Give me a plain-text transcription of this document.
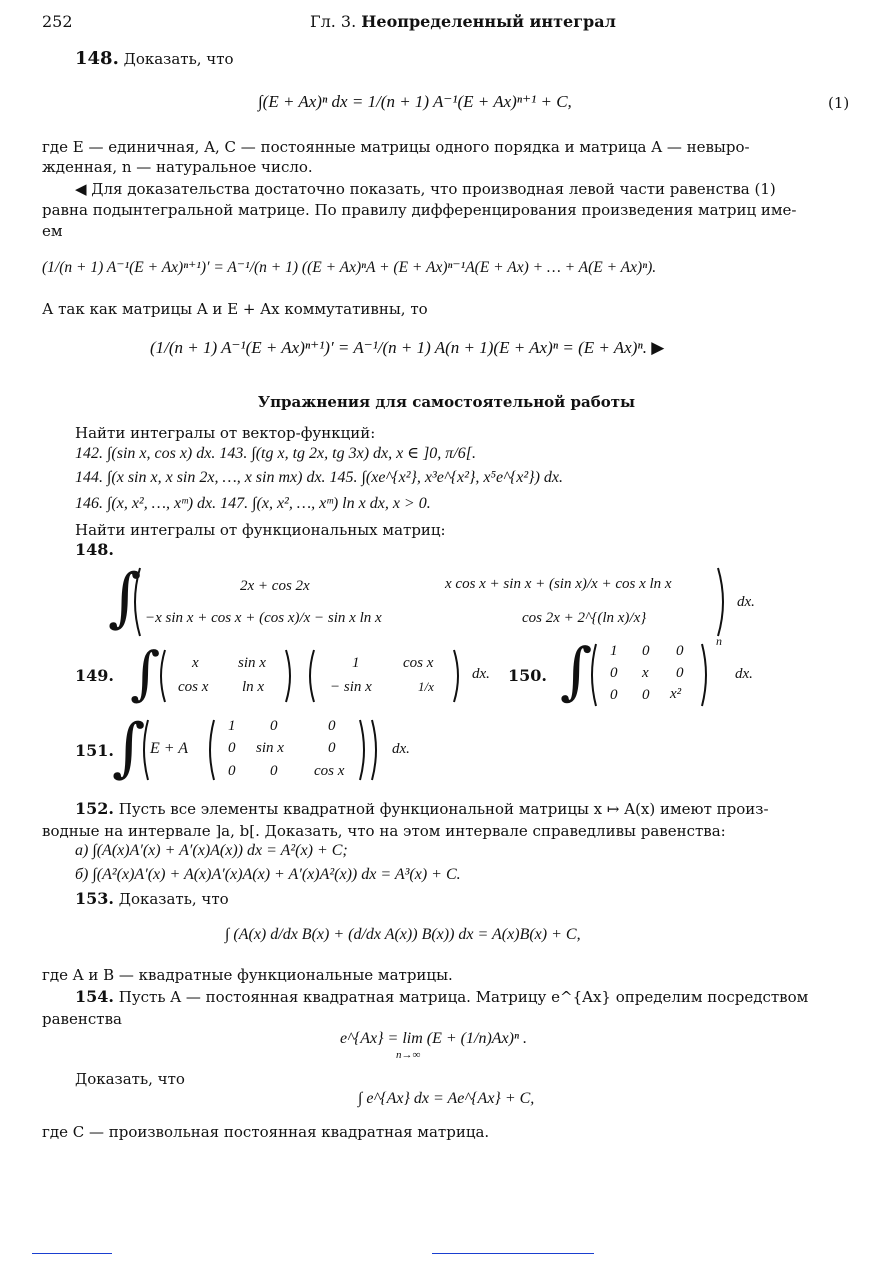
252	Гл. 3. Неопределенный интеграл
148. Доказать, что
∫(E + Ax)ⁿ dx = 1/(n + 1) A⁻¹(E + Ax)ⁿ⁺¹ + C,	(1)
где E — единичная, A, C — постоянные матрицы одного порядка и матрица A — невыро-
жденная, n — натуральное число.
◀ Для доказательства достаточно показать, что производная левой части равенства (1)
равна подынтегральной матрице. По правилу дифференцирования произведения матриц име-
ем
(1/(n + 1) A⁻¹(E + Ax)ⁿ⁺¹)′ = A⁻¹/(n + 1) ((E + Ax)ⁿA + (E + Ax)ⁿ⁻¹A(E + Ax) + … + A(E + Ax)ⁿ).
А так как матрицы A и E + Ax коммутативны, то
(1/(n + 1) A⁻¹(E + Ax)ⁿ⁺¹)′ = A⁻¹/(n + 1) A(n + 1)(E + Ax)ⁿ = (E + Ax)ⁿ. ▶
Упражнения для самостоятельной работы
Найти интегралы от вектор-функций:
142. ∫(sin x, cos x) dx. 143. ∫(tg x, tg 2x, tg 3x) dx, x ∈ ]0, π/6[.
144. ∫(x sin x, x sin 2x, …, x sin mx) dx. 145. ∫(xe^{x²}, x³e^{x²}, x⁵e^{x²}) dx.
146. ∫(x, x², …, xᵐ) dx. 147. ∫(x, x², …, xᵐ) ln x dx, x > 0.
Найти интегралы от функциональных матриц:
148.
∫	2x + cos 2x	x cos x + sin x + (sin x)/x + cos x ln x
−x sin x + cos x + (cos x)/x − sin x ln x	cos 2x + 2^{(ln x)/x}
dx.
149. ∫ x	sin x
cos x ln x
1	cos x
− sin x	1/x
dx. 150. ∫ 1 0 0
0 x 0
0 0 x²
n
dx.
151.
∫ E + A
1 0	0
0 sin x	0
0 0 cos x
dx.
152. Пусть все элементы квадратной функциональной матрицы x ↦ A(x) имеют произ-
водные на интервале ]a, b[. Доказать, что на этом интервале справедливы равенства:
а) ∫(A(x)A′(x) + A′(x)A(x)) dx = A²(x) + C;
б) ∫(A²(x)A′(x) + A(x)A′(x)A(x) + A′(x)A²(x)) dx = A³(x) + C.
153. Доказать, что
∫ (A(x) d/dx B(x) + (d/dx A(x)) B(x)) dx = A(x)B(x) + C,
где A и B — квадратные функциональные матрицы.
154. Пусть A — постоянная квадратная матрица. Матрицу e^{Ax} определим посредством
равенства
e^{Ax} = lim (E + (1/n)Ax)ⁿ .
n→∞
Доказать, что
∫ e^{Ax} dx = Ae^{Ax} + C,
где C — произвольная постоянная квадратная матрица.
